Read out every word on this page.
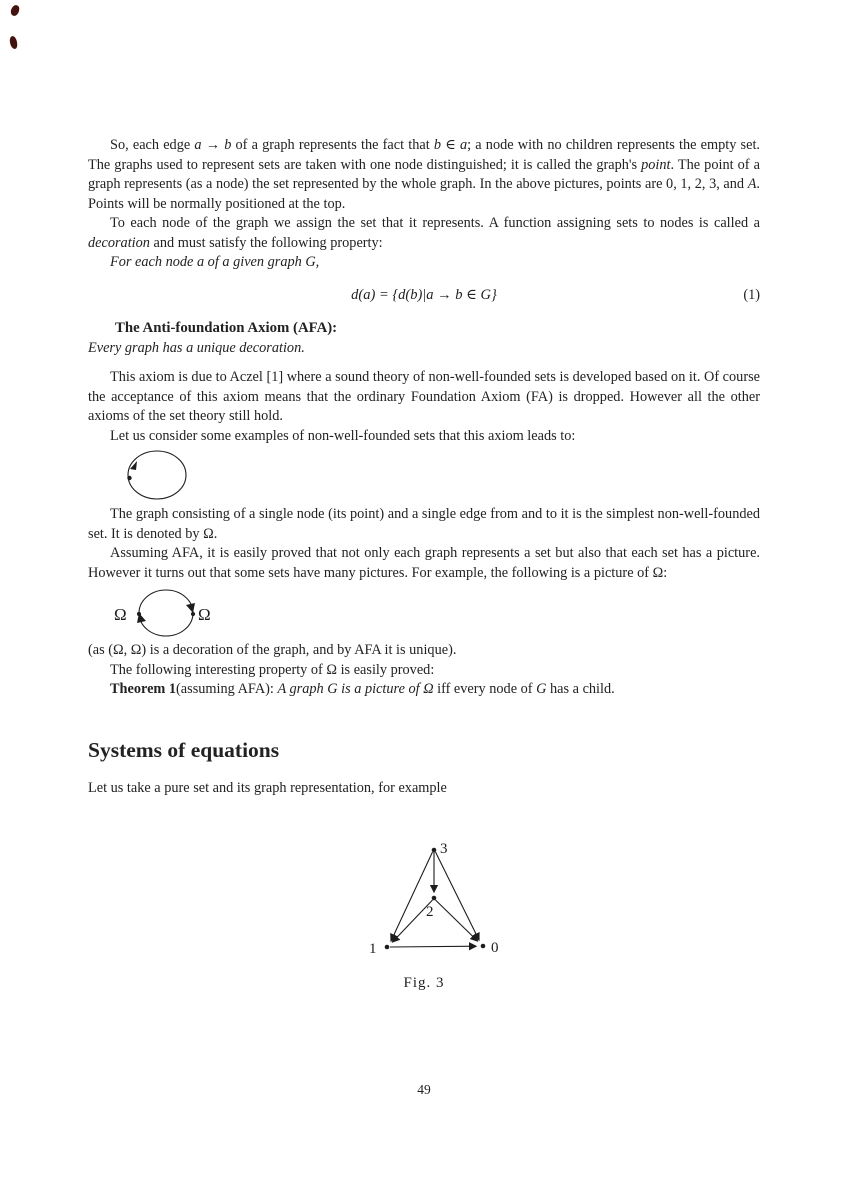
So, each edge a → b of a graph represents the fact that b ∈ a; a node with no children represents the empty set. The graphs used to represent sets are taken with one node distinguished; it is called the graph's point. The point of a graph represents (as a node) the set represented by the whole graph. In the above pictures, points are 0, 1, 2, 3, and A. Points will be normally positioned at the top.

To each node of the graph we assign the set that it represents. A function assigning sets to nodes is called a decoration and must satisfy the following property:

For each node a of a given graph G,

d(a) = {d(b)|a → b ∈ G}	(1)

The Anti-foundation Axiom (AFA):

Every graph has a unique decoration.

This axiom is due to Aczel [1] where a sound theory of non-well-founded sets is developed based on it. Of course the acceptance of this axiom means that the ordinary Foundation Axiom (FA) is dropped. However all the other axioms of the set theory still hold.

Let us consider some examples of non-well-founded sets that this axiom leads to:

The graph consisting of a single node (its point) and a single edge from and to it is the simplest non-well-founded set. It is denoted by Ω.

Assuming AFA, it is easily proved that not only each graph represents a set but also that each set has a picture. However it turns out that some sets have many pictures. For example, the following is a picture of Ω:

Ω	Ω

(as (Ω, Ω) is a decoration of the graph, and by AFA it is unique).

The following interesting property of Ω is easily proved:

Theorem 1(assuming AFA): A graph G is a picture of Ω iff every node of G has a child.

Systems of equations

Let us take a pure set and its graph representation, for example

3
2
1	0

Fig. 3

49
